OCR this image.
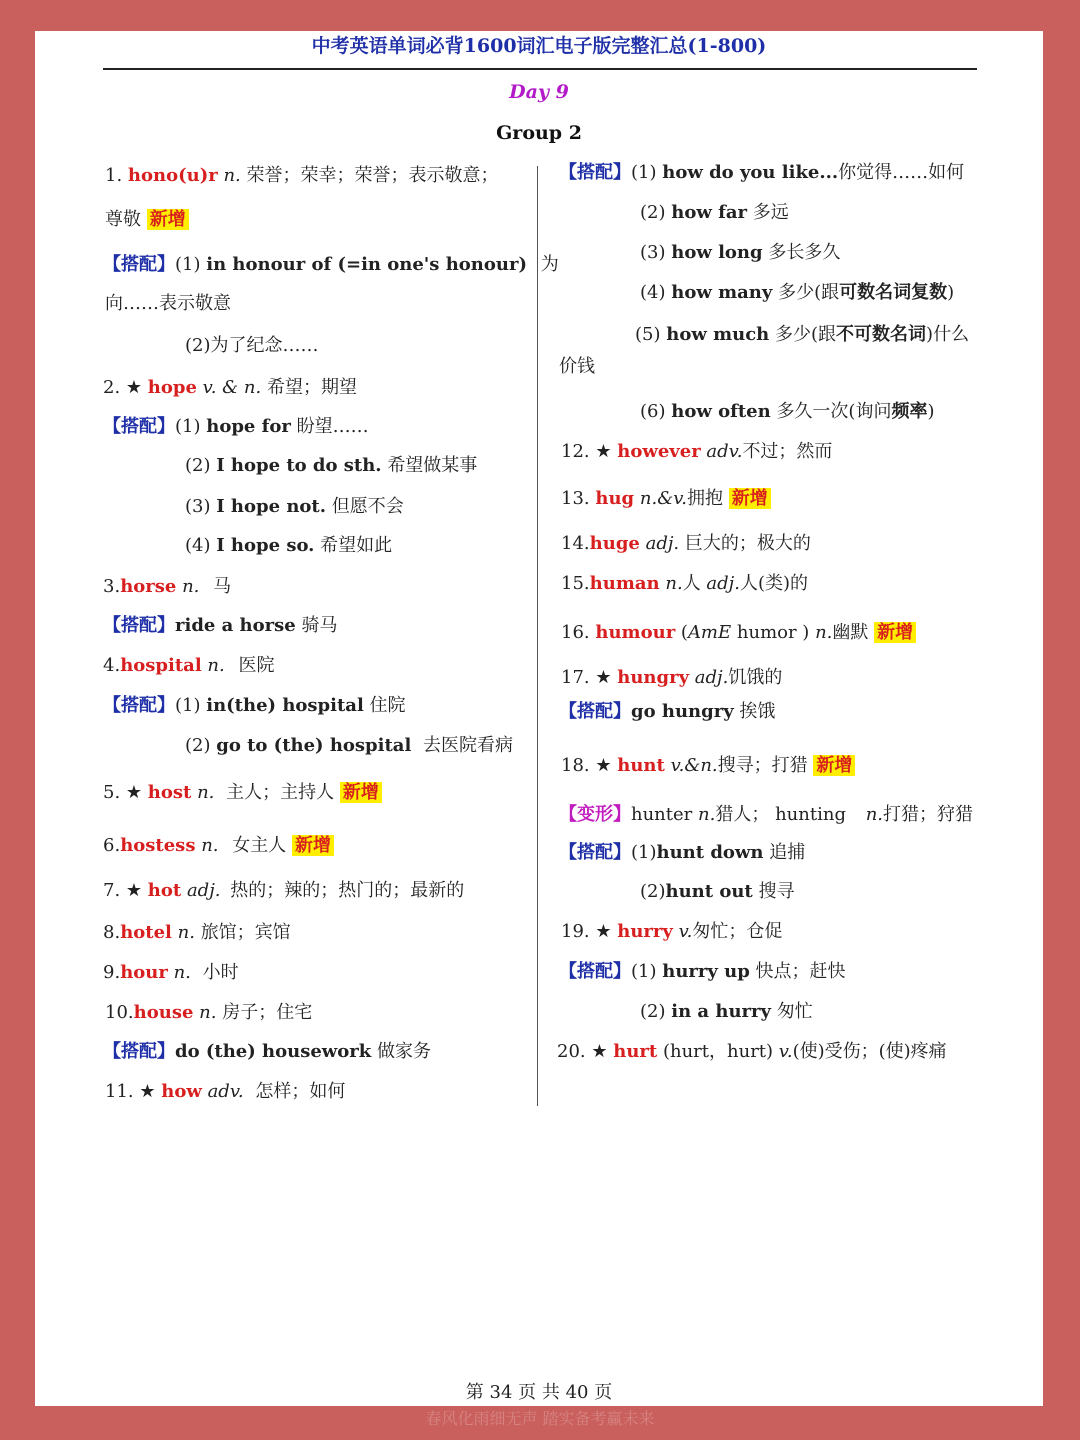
中考英语单词必背1600词汇电子版完整汇总(1-800)
Day 9
Group 2
1. hono(u)r n. 荣誉；荣幸；荣誉；表示敬意；
尊敬 新增
【搭配】(1) in honour of (=in one's honour) 为
向……表示敬意
(2)为了纪念……
2. ★ hope v. & n. 希望；期望
【搭配】(1) hope for 盼望……
(2) I hope to do sth. 希望做某事
(3) I hope not. 但愿不会
(4) I hope so. 希望如此
3.horse n. 马
【搭配】ride a horse 骑马
4.hospital n. 医院
【搭配】(1) in(the) hospital 住院
(2) go to (the) hospital 去医院看病
5. ★ host n. 主人；主持人 新增
6.hostess n. 女主人 新增
7. ★ hot adj. 热的；辣的；热门的；最新的
8.hotel n. 旅馆；宾馆
9.hour n. 小时
10.house n. 房子；住宅
【搭配】do (the) housework 做家务
11. ★ how adv. 怎样；如何
【搭配】(1) how do you like...你觉得……如何
(2) how far 多远
(3) how long 多长多久
(4) how many 多少(跟可数名词复数)
(5) how much 多少(跟不可数名词)什么
价钱
(6) how often 多久一次(询问频率)
12. ★ however adv.不过；然而
13. hug n.&v.拥抱 新增
14.huge adj. 巨大的；极大的
15.human n.人 adj.人(类)的
16. humour (AmE humor ) n.幽默 新增
17. ★ hungry adj.饥饿的
【搭配】go hungry 挨饿
18. ★ hunt v.&n.搜寻；打猎 新增
【变形】hunter n.猎人； hunting n.打猎；狩猎
【搭配】(1)hunt down 追捕
(2)hunt out 搜寻
19. ★ hurry v.匆忙；仓促
【搭配】(1) hurry up 快点；赶快
(2) in a hurry 匆忙
20. ★ hurt (hurt，hurt) v.(使)受伤；(使)疼痛
第 34 页 共 40 页
春风化雨细无声 踏实备考赢未来
